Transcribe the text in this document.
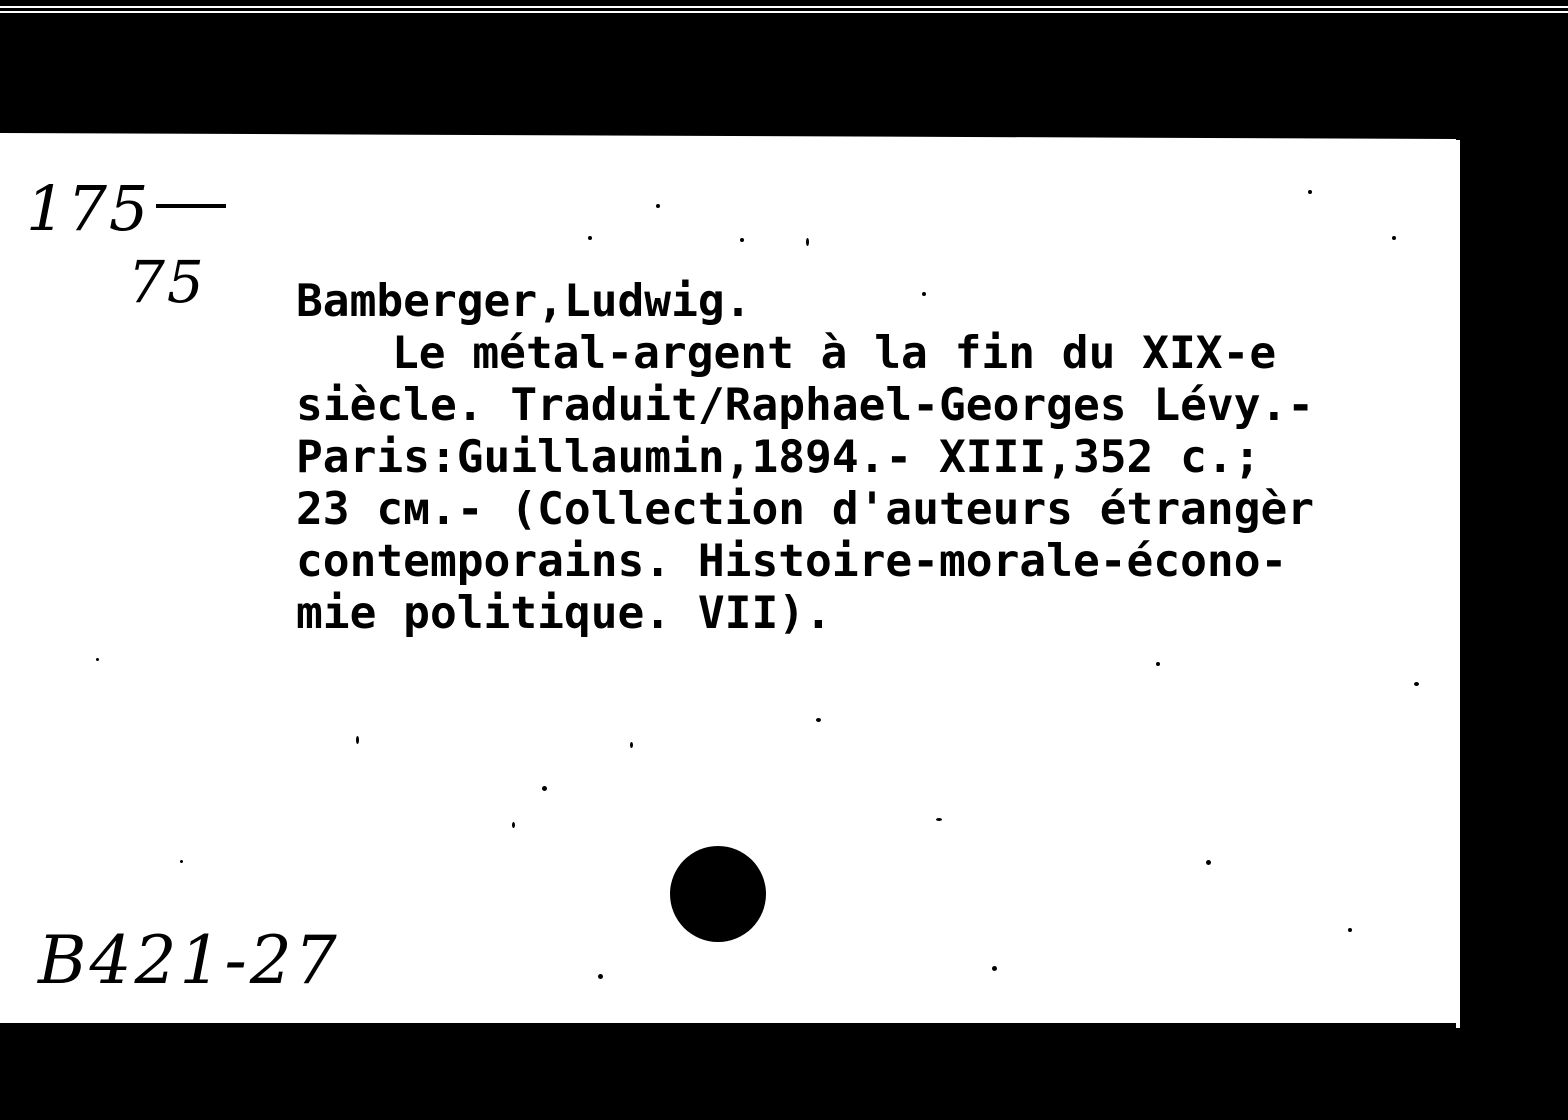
175
75 Bamberger,Ludwig.
Le métal-argent à la fin du XIX-e
siècle. Traduit/Raphael-Georges Lévy.-
Paris:Guillaumin,1894.- XIII,352 c.;
23 см.- (Collection d'auteurs étrangèr
contemporains. Histoire-morale-écono-
mie politique. VII).
B421-27
